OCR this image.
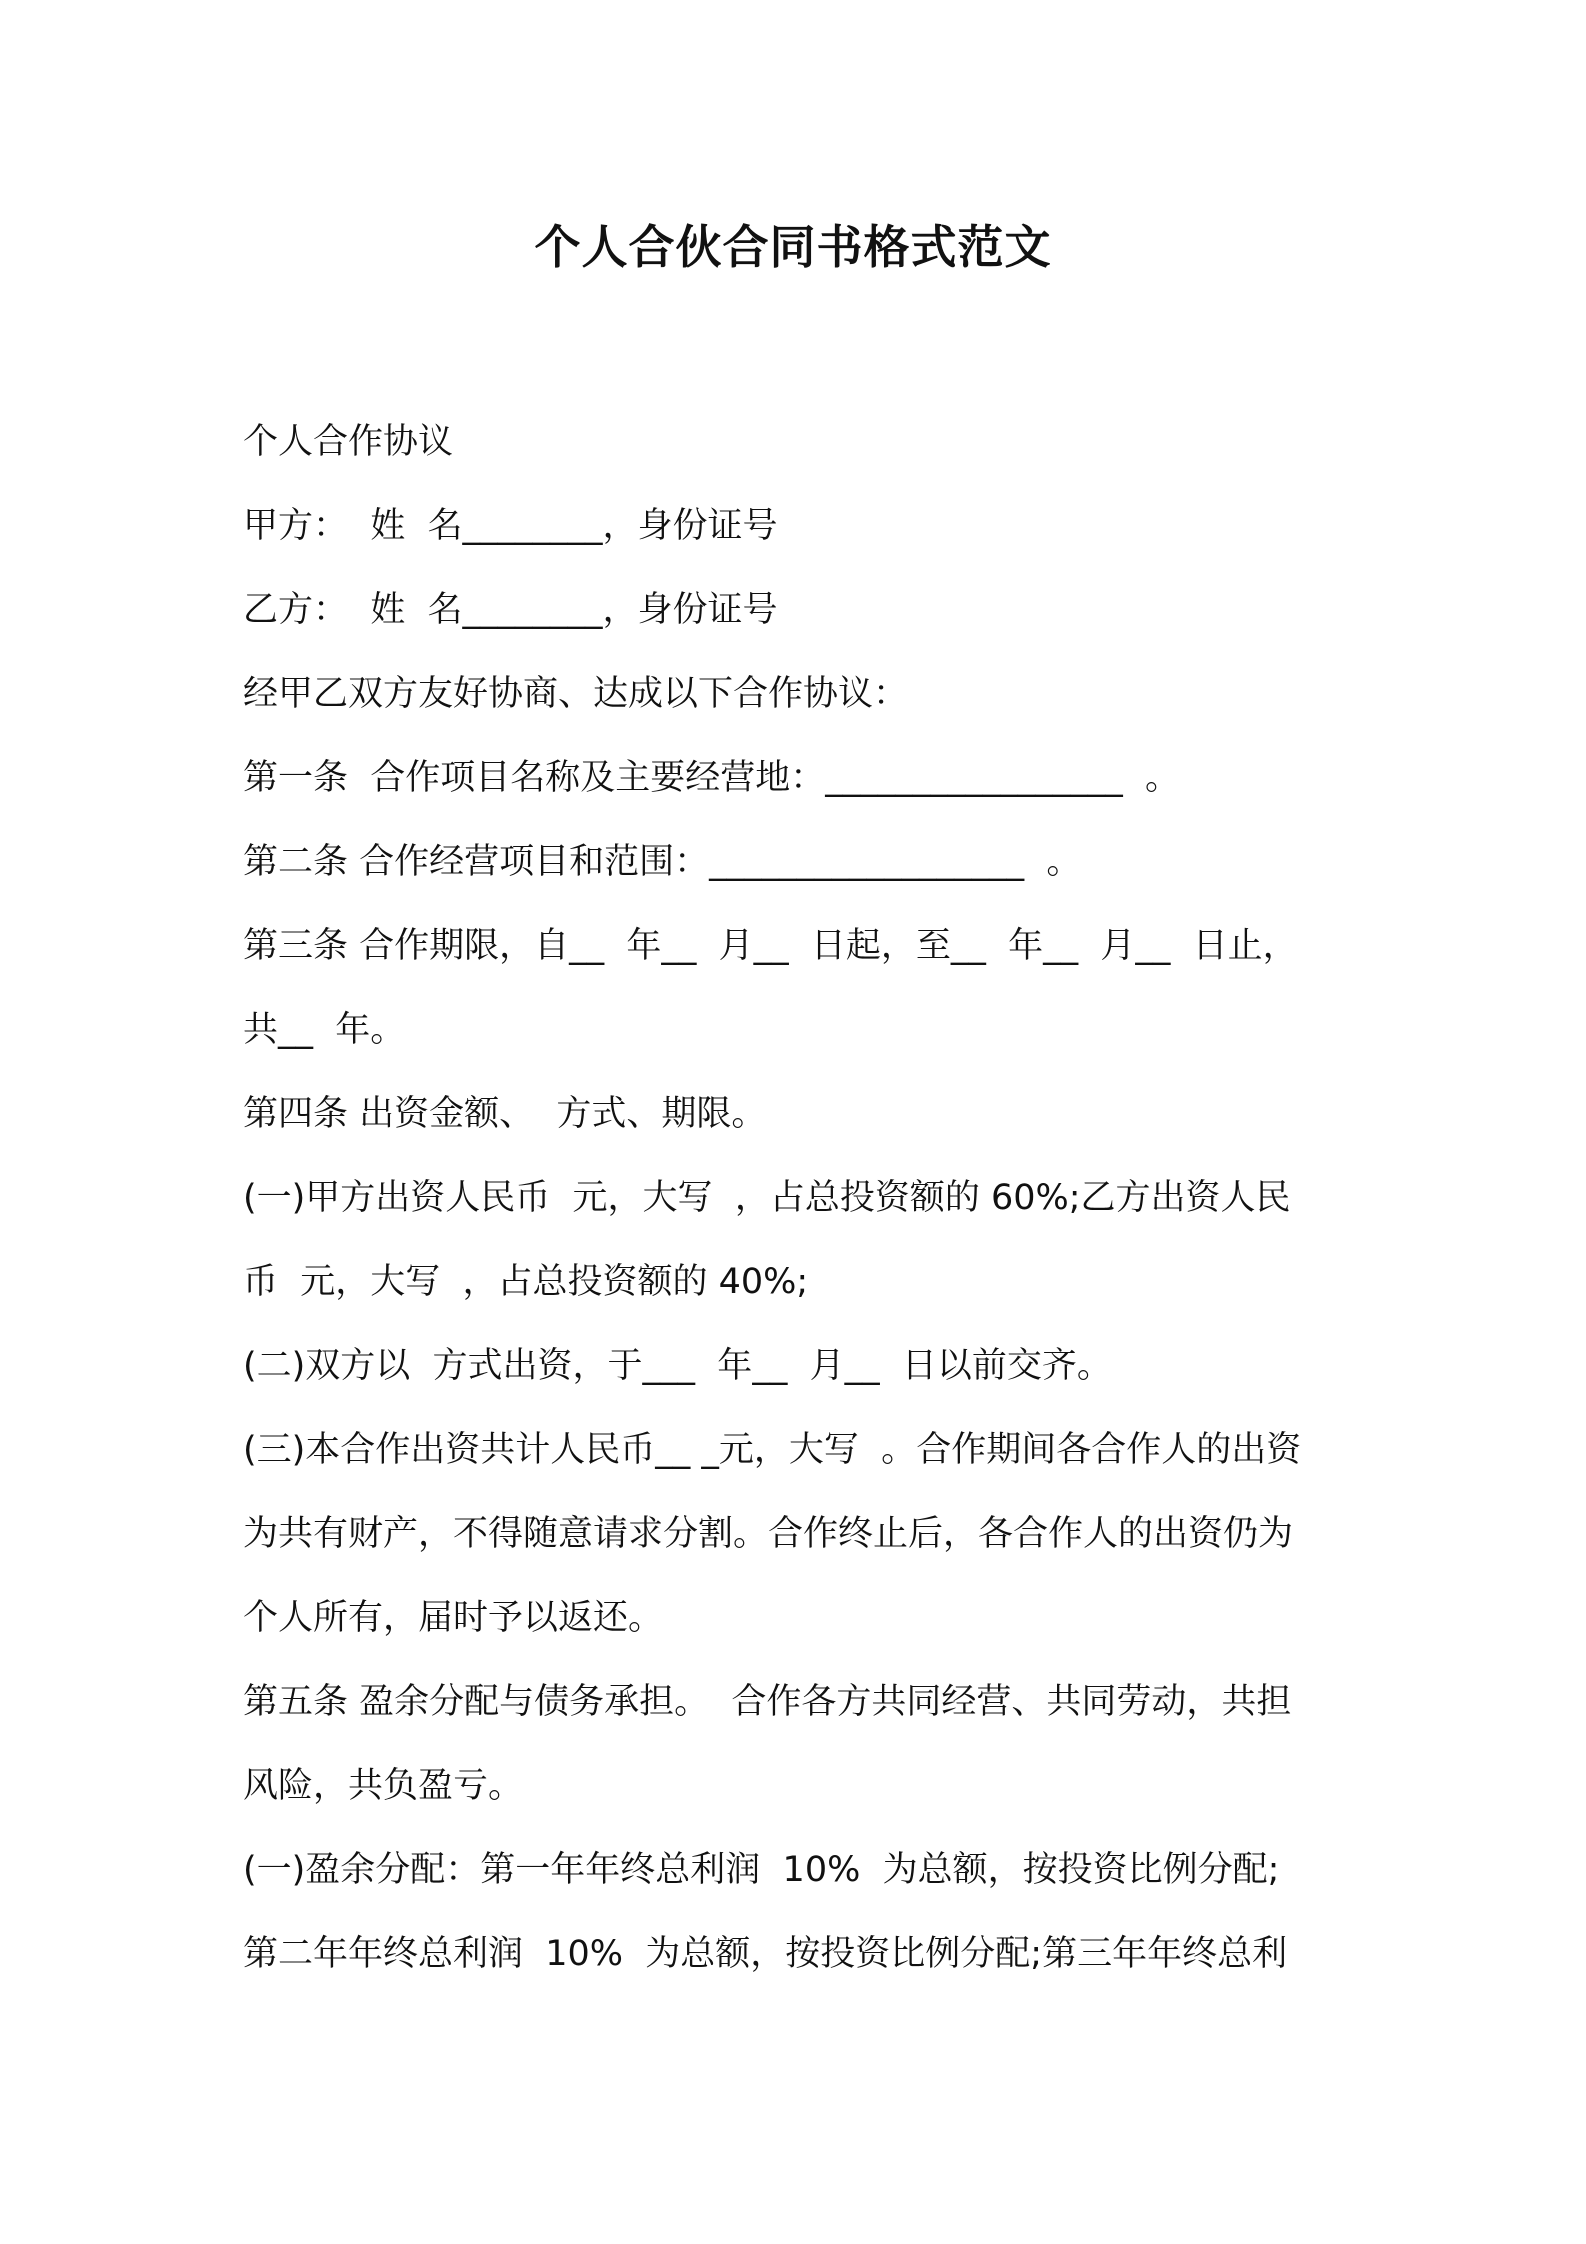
个人合伙合同书格式范文
个人合作协议
甲方：  姓  名________，身份证号
乙方：  姓  名________，身份证号
经甲乙双方友好协商、达成以下合作协议：
第一条  合作项目名称及主要经营地：_________________  。
第二条 合作经营项目和范围：__________________  。
第三条 合作期限，自__  年__  月__  日起，至__  年__  月__  日止，
共__  年。
第四条 出资金额、  方式、期限。
(一)甲方出资人民币  元，大写  ，占总投资额的 60%;乙方出资人民
币  元，大写  ，占总投资额的 40%;
(二)双方以  方式出资，于___  年__  月__  日以前交齐。
(三)本合作出资共计人民币__ _元，大写  。合作期间各合作人的出资
为共有财产，不得随意请求分割。合作终止后，各合作人的出资仍为
个人所有，届时予以返还。
第五条 盈余分配与债务承担。  合作各方共同经营、共同劳动，共担
风险，共负盈亏。
(一)盈余分配：第一年年终总利润  10%  为总额，按投资比例分配;
第二年年终总利润  10%  为总额，按投资比例分配;第三年年终总利
